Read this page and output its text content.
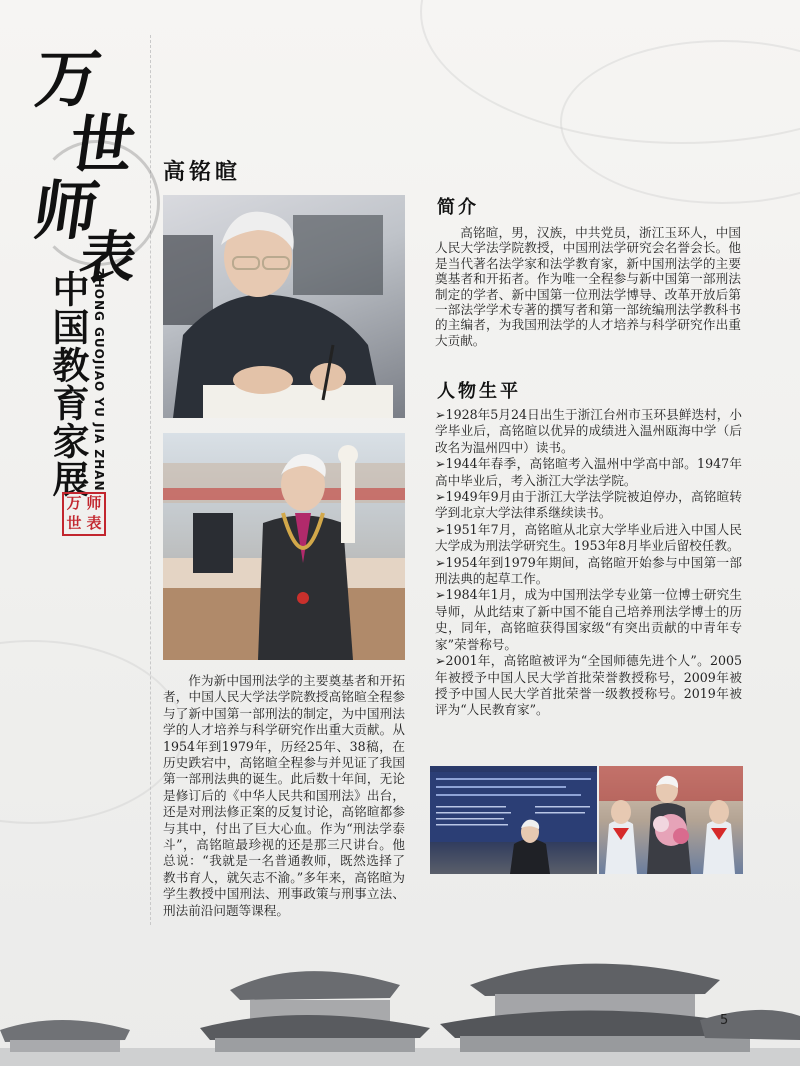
万
世
师
表
ZHONG GUOJIAO YU JIA ZHAN
中国教育家展
万 师
世 表
高铭暄
作为新中国刑法学的主要奠基者和开拓者，中国人民大学法学院教授高铭暄全程参与了新中国第一部刑法的制定，为中国刑法学的人才培养与科学研究作出重大贡献。从1954年到1979年，历经25年、38稿，在历史跌宕中，高铭暄全程参与并见证了我国第一部刑法典的诞生。此后数十年间，无论是修订后的《中华人民共和国刑法》出台，还是对刑法修正案的反复讨论，高铭暄都参与其中，付出了巨大心血。作为“刑法学泰斗”，高铭暄最珍视的还是那三尺讲台。他总说：“我就是一名普通教师，既然选择了教书育人，就矢志不渝。”多年来，高铭暄为学生教授中国刑法、刑事政策与刑事立法、刑法前沿问题等课程。
简介
高铭暄，男，汉族，中共党员，浙江玉环人，中国人民大学法学院教授，中国刑法学研究会名誉会长。他是当代著名法学家和法学教育家，新中国刑法学的主要奠基者和开拓者。作为唯一全程参与新中国第一部刑法制定的学者、新中国第一位刑法学博导、改革开放后第一部法学学术专著的撰写者和第一部统编刑法学教科书的主编者，为我国刑法学的人才培养与科学研究作出重大贡献。
人物生平
➢1928年5月24日出生于浙江台州市玉环县鲜迭村，小学毕业后，高铭暄以优异的成绩进入温州瓯海中学（后改名为温州四中）读书。
➢1944年春季，高铭暄考入温州中学高中部。1947年高中毕业后，考入浙江大学法学院。
➢1949年9月由于浙江大学法学院被迫停办，高铭暄转学到北京大学法律系继续读书。
➢1951年7月，高铭暄从北京大学毕业后进入中国人民大学成为刑法学研究生。1953年8月毕业后留校任教。
➢1954年到1979年期间，高铭暄开始参与中国第一部刑法典的起草工作。
➢1984年1月，成为中国刑法学专业第一位博士研究生导师，从此结束了新中国不能自己培养刑法学博士的历史，同年，高铭暄获得国家级“有突出贡献的中青年专家”荣誉称号。
➢2001年，高铭暄被评为“全国师德先进个人”。2005年被授予中国人民大学首批荣誉教授称号，2009年被授予中国人民大学首批荣誉一级教授称号。2019年被评为“人民教育家”。
5
